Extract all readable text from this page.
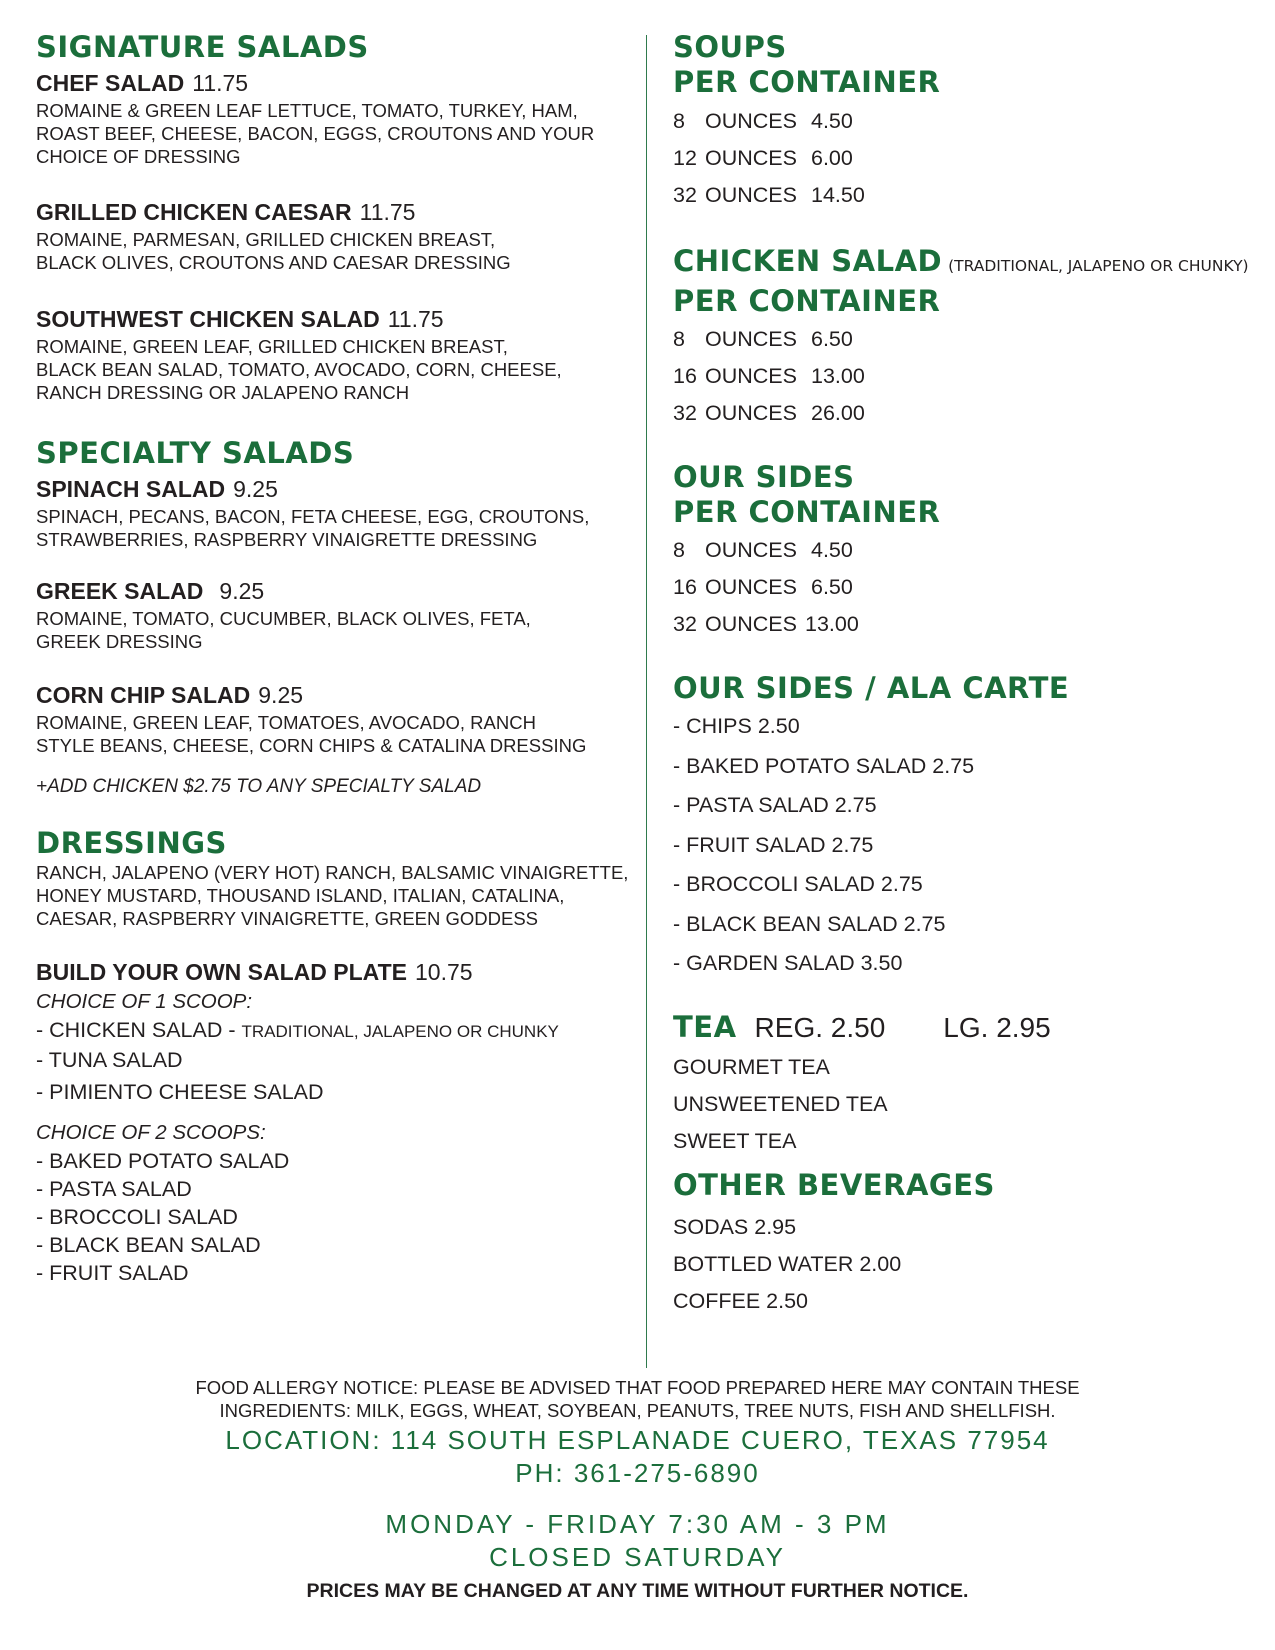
SIGNATURE SALADS

CHEF SALAD 11.75

ROMAINE & GREEN LEAF LETTUCE, TOMATO, TURKEY, HAM,
ROAST BEEF, CHEESE, BACON, EGGS, CROUTONS AND YOUR
CHOICE OF DRESSING

GRILLED CHICKEN CAESAR 11.75

ROMAINE, PARMESAN, GRILLED CHICKEN BREAST,
BLACK OLIVES, CROUTONS AND CAESAR DRESSING

SOUTHWEST CHICKEN SALAD 11.75

ROMAINE, GREEN LEAF, GRILLED CHICKEN BREAST,
BLACK BEAN SALAD, TOMATO, AVOCADO, CORN, CHEESE,
RANCH DRESSING OR JALAPENO RANCH

SPECIALTY SALADS

SPINACH SALAD 9.25

SPINACH, PECANS, BACON, FETA CHEESE, EGG, CROUTONS,
STRAWBERRIES, RASPBERRY VINAIGRETTE DRESSING

GREEK SALAD 9.25

ROMAINE, TOMATO, CUCUMBER, BLACK OLIVES, FETA,
GREEK DRESSING

CORN CHIP SALAD 9.25

ROMAINE, GREEN LEAF, TOMATOES, AVOCADO, RANCH
STYLE BEANS, CHEESE, CORN CHIPS & CATALINA DRESSING

+ADD CHICKEN $2.75 TO ANY SPECIALTY SALAD
DRESSINGS

RANCH, JALAPENO (VERY HOT) RANCH, BALSAMIC VINAIGRETTE,
HONEY MUSTARD, THOUSAND ISLAND, ITALIAN, CATALINA,
CAESAR, RASPBERRY VINAIGRETTE, GREEN GODDESS

BUILD YOUR OWN SALAD PLATE 10.75

CHOICE OF 1 SCOOP:
- CHICKEN SALAD - TRADITIONAL, JALAPENO OR CHUNKY
- TUNA SALAD
- PIMIENTO CHEESE SALAD
CHOICE OF 2 SCOOPS:
- BAKED POTATO SALAD
- PASTA SALAD
- BROCCOLI SALAD
- BLACK BEAN SALAD
- FRUIT SALAD
SOUPS
PER CONTAINER
8 OUNCES 4.50
12 OUNCES 6.00
32 OUNCES 14.50
CHICKEN SALAD (TRADITIONAL, JALAPENO OR CHUNKY)
PER CONTAINER
8 OUNCES 6.50
16 OUNCES 13.00
32 OUNCES 26.00
OUR SIDES
PER CONTAINER
8 OUNCES 4.50
16 OUNCES 6.50
32 OUNCES 13.00
OUR SIDES / ALA CARTE
- CHIPS 2.50
- BAKED POTATO SALAD 2.75
- PASTA SALAD 2.75
- FRUIT SALAD 2.75
- BROCCOLI SALAD 2.75
- BLACK BEAN SALAD 2.75
- GARDEN SALAD 3.50
TEA REG. 2.50 LG. 2.95
GOURMET TEA
UNSWEETENED TEA
SWEET TEA
OTHER BEVERAGES
SODAS 2.95
BOTTLED WATER 2.00
COFFEE 2.50
FOOD ALLERGY NOTICE: PLEASE BE ADVISED THAT FOOD PREPARED HERE MAY CONTAIN THESE
INGREDIENTS: MILK, EGGS, WHEAT, SOYBEAN, PEANUTS, TREE NUTS, FISH AND SHELLFISH.
LOCATION: 114 SOUTH ESPLANADE CUERO, TEXAS 77954
PH: 361-275-6890
MONDAY - FRIDAY 7:30 AM - 3 PM
CLOSED SATURDAY
PRICES MAY BE CHANGED AT ANY TIME WITHOUT FURTHER NOTICE.
